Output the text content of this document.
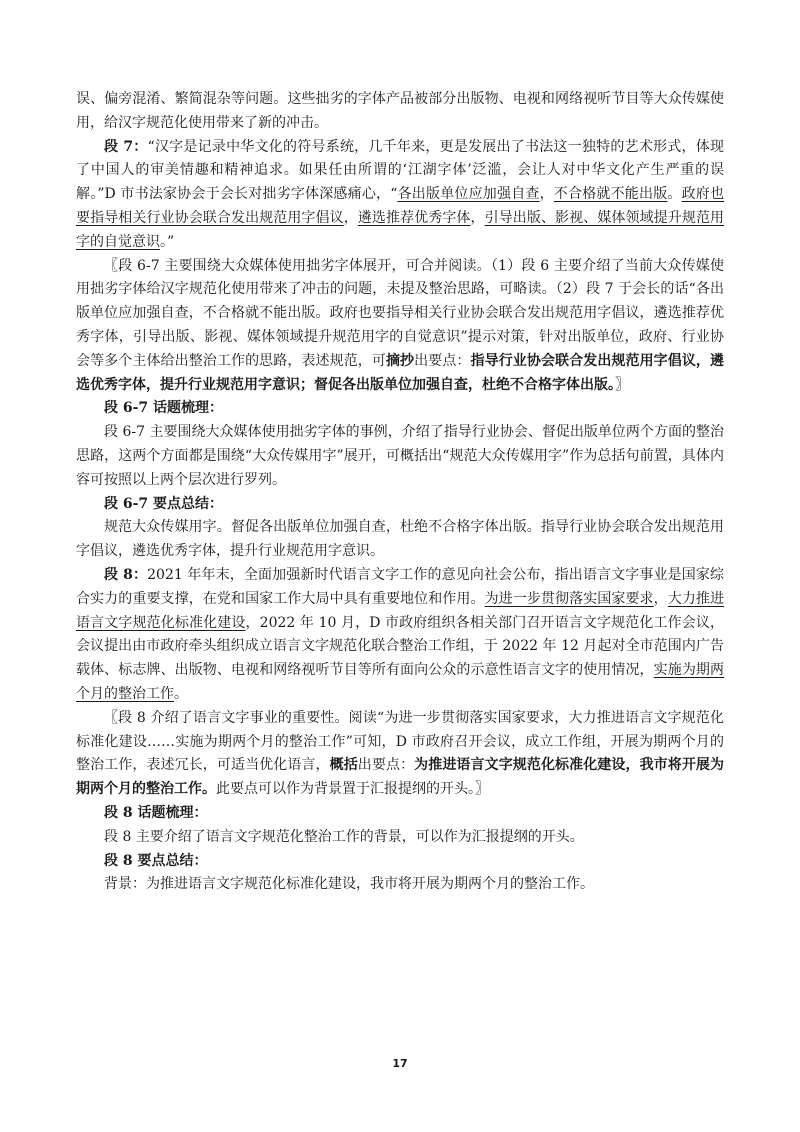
误、偏旁混淆、繁简混杂等问题。这些拙劣的字体产品被部分出版物、电视和网络视听节目等大众传媒使用，给汉字规范化使用带来了新的冲击。

段 7：“汉字是记录中华文化的符号系统，几千年来，更是发展出了书法这一独特的艺术形式，体现了中国人的审美情趣和精神追求。如果任由所谓的‘江湖字体’泛滥，会让人对中华文化产生严重的误解。”D 市书法家协会于会长对拙劣字体深感痛心，“各出版单位应加强自查，不合格就不能出版。政府也要指导相关行业协会联合发出规范用字倡议，遴选推荐优秀字体，引导出版、影视、媒体领域提升规范用字的自觉意识。”

〖段 6-7 主要围绕大众媒体使用拙劣字体展开，可合并阅读。（1）段 6 主要介绍了当前大众传媒使用拙劣字体给汉字规范化使用带来了冲击的问题，未提及整治思路，可略读。（2）段 7 于会长的话“各出版单位应加强自查，不合格就不能出版。政府也要指导相关行业协会联合发出规范用字倡议，遴选推荐优秀字体，引导出版、影视、媒体领域提升规范用字的自觉意识”提示对策，针对出版单位，政府、行业协会等多个主体给出整治工作的思路，表述规范，可摘抄出要点：指导行业协会联合发出规范用字倡议，遴选优秀字体，提升行业规范用字意识；督促各出版单位加强自查，杜绝不合格字体出版。〗

段 6-7 话题梳理：

段 6-7 主要围绕大众媒体使用拙劣字体的事例，介绍了指导行业协会、督促出版单位两个方面的整治思路，这两个方面都是围绕“大众传媒用字”展开，可概括出“规范大众传媒用字”作为总括句前置，具体内容可按照以上两个层次进行罗列。

段 6-7 要点总结：

规范大众传媒用字。督促各出版单位加强自查，杜绝不合格字体出版。指导行业协会联合发出规范用字倡议，遴选优秀字体，提升行业规范用字意识。

段 8：2021 年年末，全面加强新时代语言文字工作的意见向社会公布，指出语言文字事业是国家综合实力的重要支撑，在党和国家工作大局中具有重要地位和作用。为进一步贯彻落实国家要求，大力推进语言文字规范化标准化建设，2022 年 10 月，D 市政府组织各相关部门召开语言文字规范化工作会议，会议提出由市政府牵头组织成立语言文字规范化联合整治工作组，于 2022 年 12 月起对全市范围内广告载体、标志牌、出版物、电视和网络视听节目等所有面向公众的示意性语言文字的使用情况，实施为期两个月的整治工作。

〖段 8 介绍了语言文字事业的重要性。阅读“为进一步贯彻落实国家要求，大力推进语言文字规范化标准化建设……实施为期两个月的整治工作”可知，D 市政府召开会议，成立工作组，开展为期两个月的整治工作，表述冗长，可适当优化语言，概括出要点：为推进语言文字规范化标准化建设，我市将开展为期两个月的整治工作。此要点可以作为背景置于汇报提纲的开头。〗

段 8 话题梳理：

段 8 主要介绍了语言文字规范化整治工作的背景，可以作为汇报提纲的开头。

段 8 要点总结：

背景：为推进语言文字规范化标准化建设，我市将开展为期两个月的整治工作。

17
